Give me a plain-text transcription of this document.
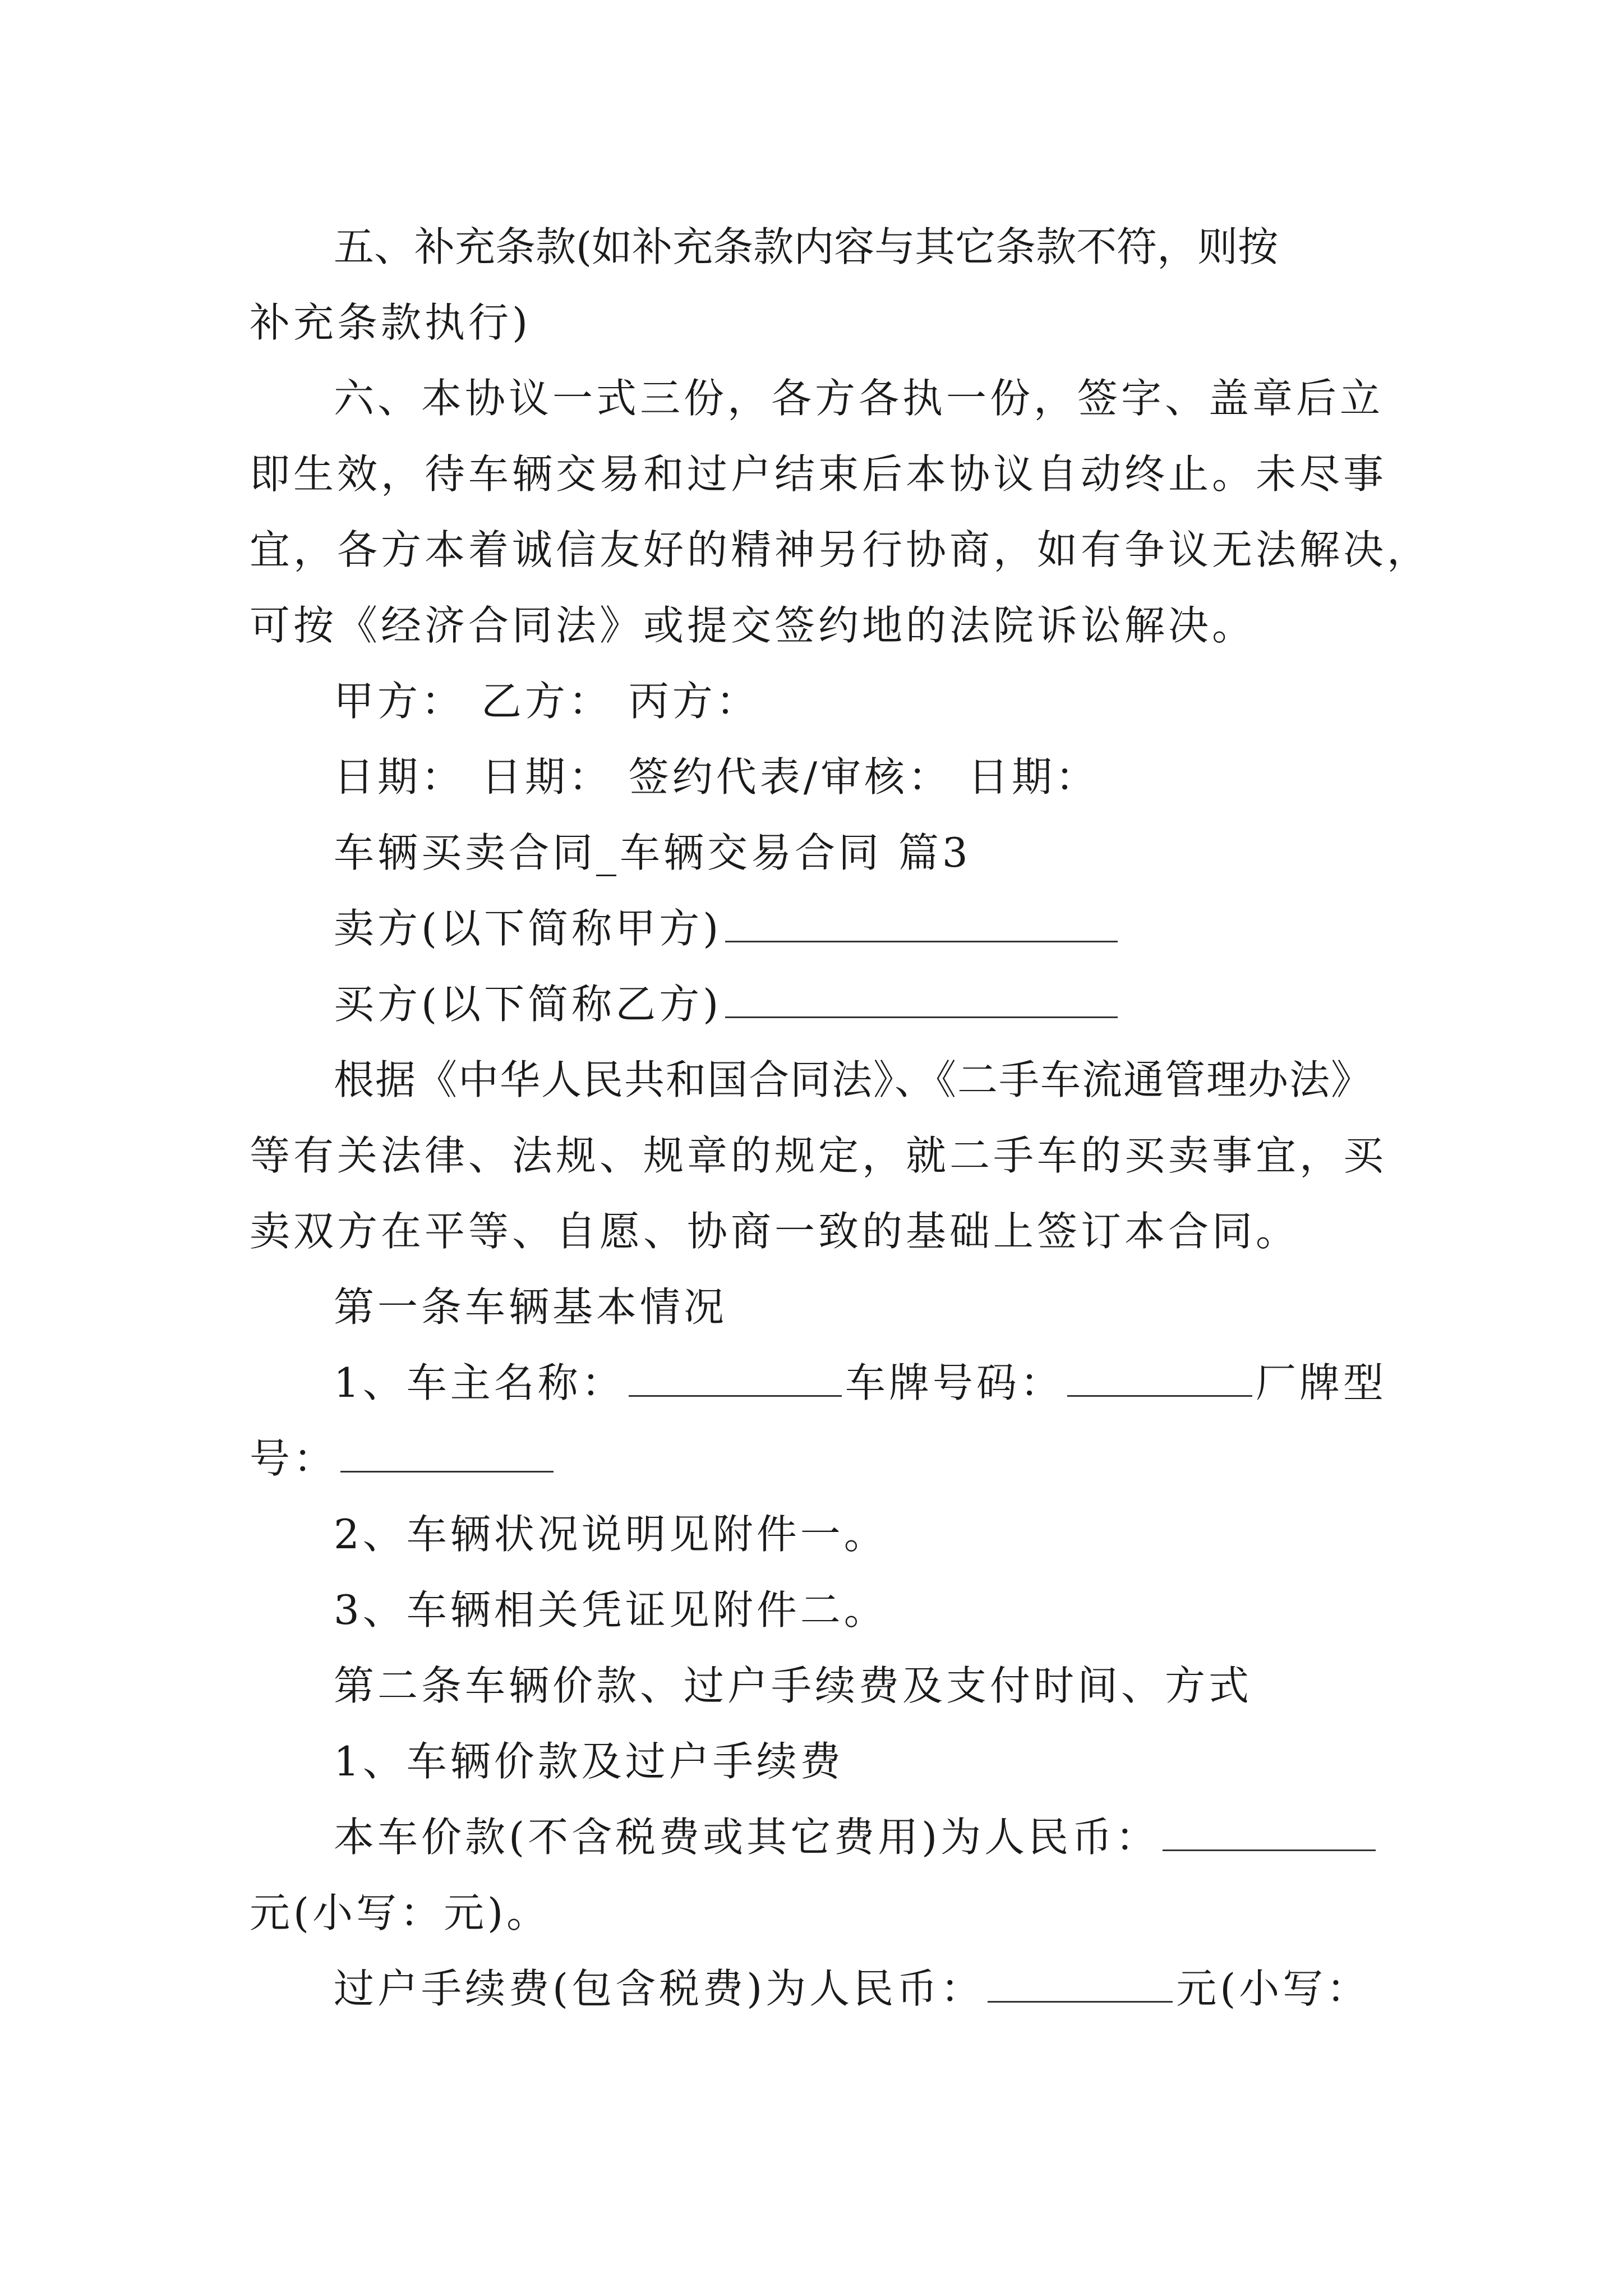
五、补充条款(如补充条款内容与其它条款不符，则按
补充条款执行)
六、本协议一式三份，各方各执一份，签字、盖章后立
即生效，待车辆交易和过户结束后本协议自动终止。未尽事
宜，各方本着诚信友好的精神另行协商，如有争议无法解决，
可按《经济合同法》或提交签约地的法院诉讼解决。
甲方： 乙方： 丙方：
日期： 日期： 签约代表/审核： 日期：
车辆买卖合同_车辆交易合同 篇3
卖方(以下简称甲方)
买方(以下简称乙方)
根据《中华人民共和国合同法》、《二手车流通管理办法》
等有关法律、法规、规章的规定，就二手车的买卖事宜，买
卖双方在平等、自愿、协商一致的基础上签订本合同。
第一条车辆基本情况
1、车主名称：	车牌号码：	厂牌型
号：
2、车辆状况说明见附件一。
3、车辆相关凭证见附件二。
第二条车辆价款、过户手续费及支付时间、方式
1、车辆价款及过户手续费
本车价款(不含税费或其它费用)为人民币：
元(小写：元)。
过户手续费(包含税费)为人民币：	元(小写：
